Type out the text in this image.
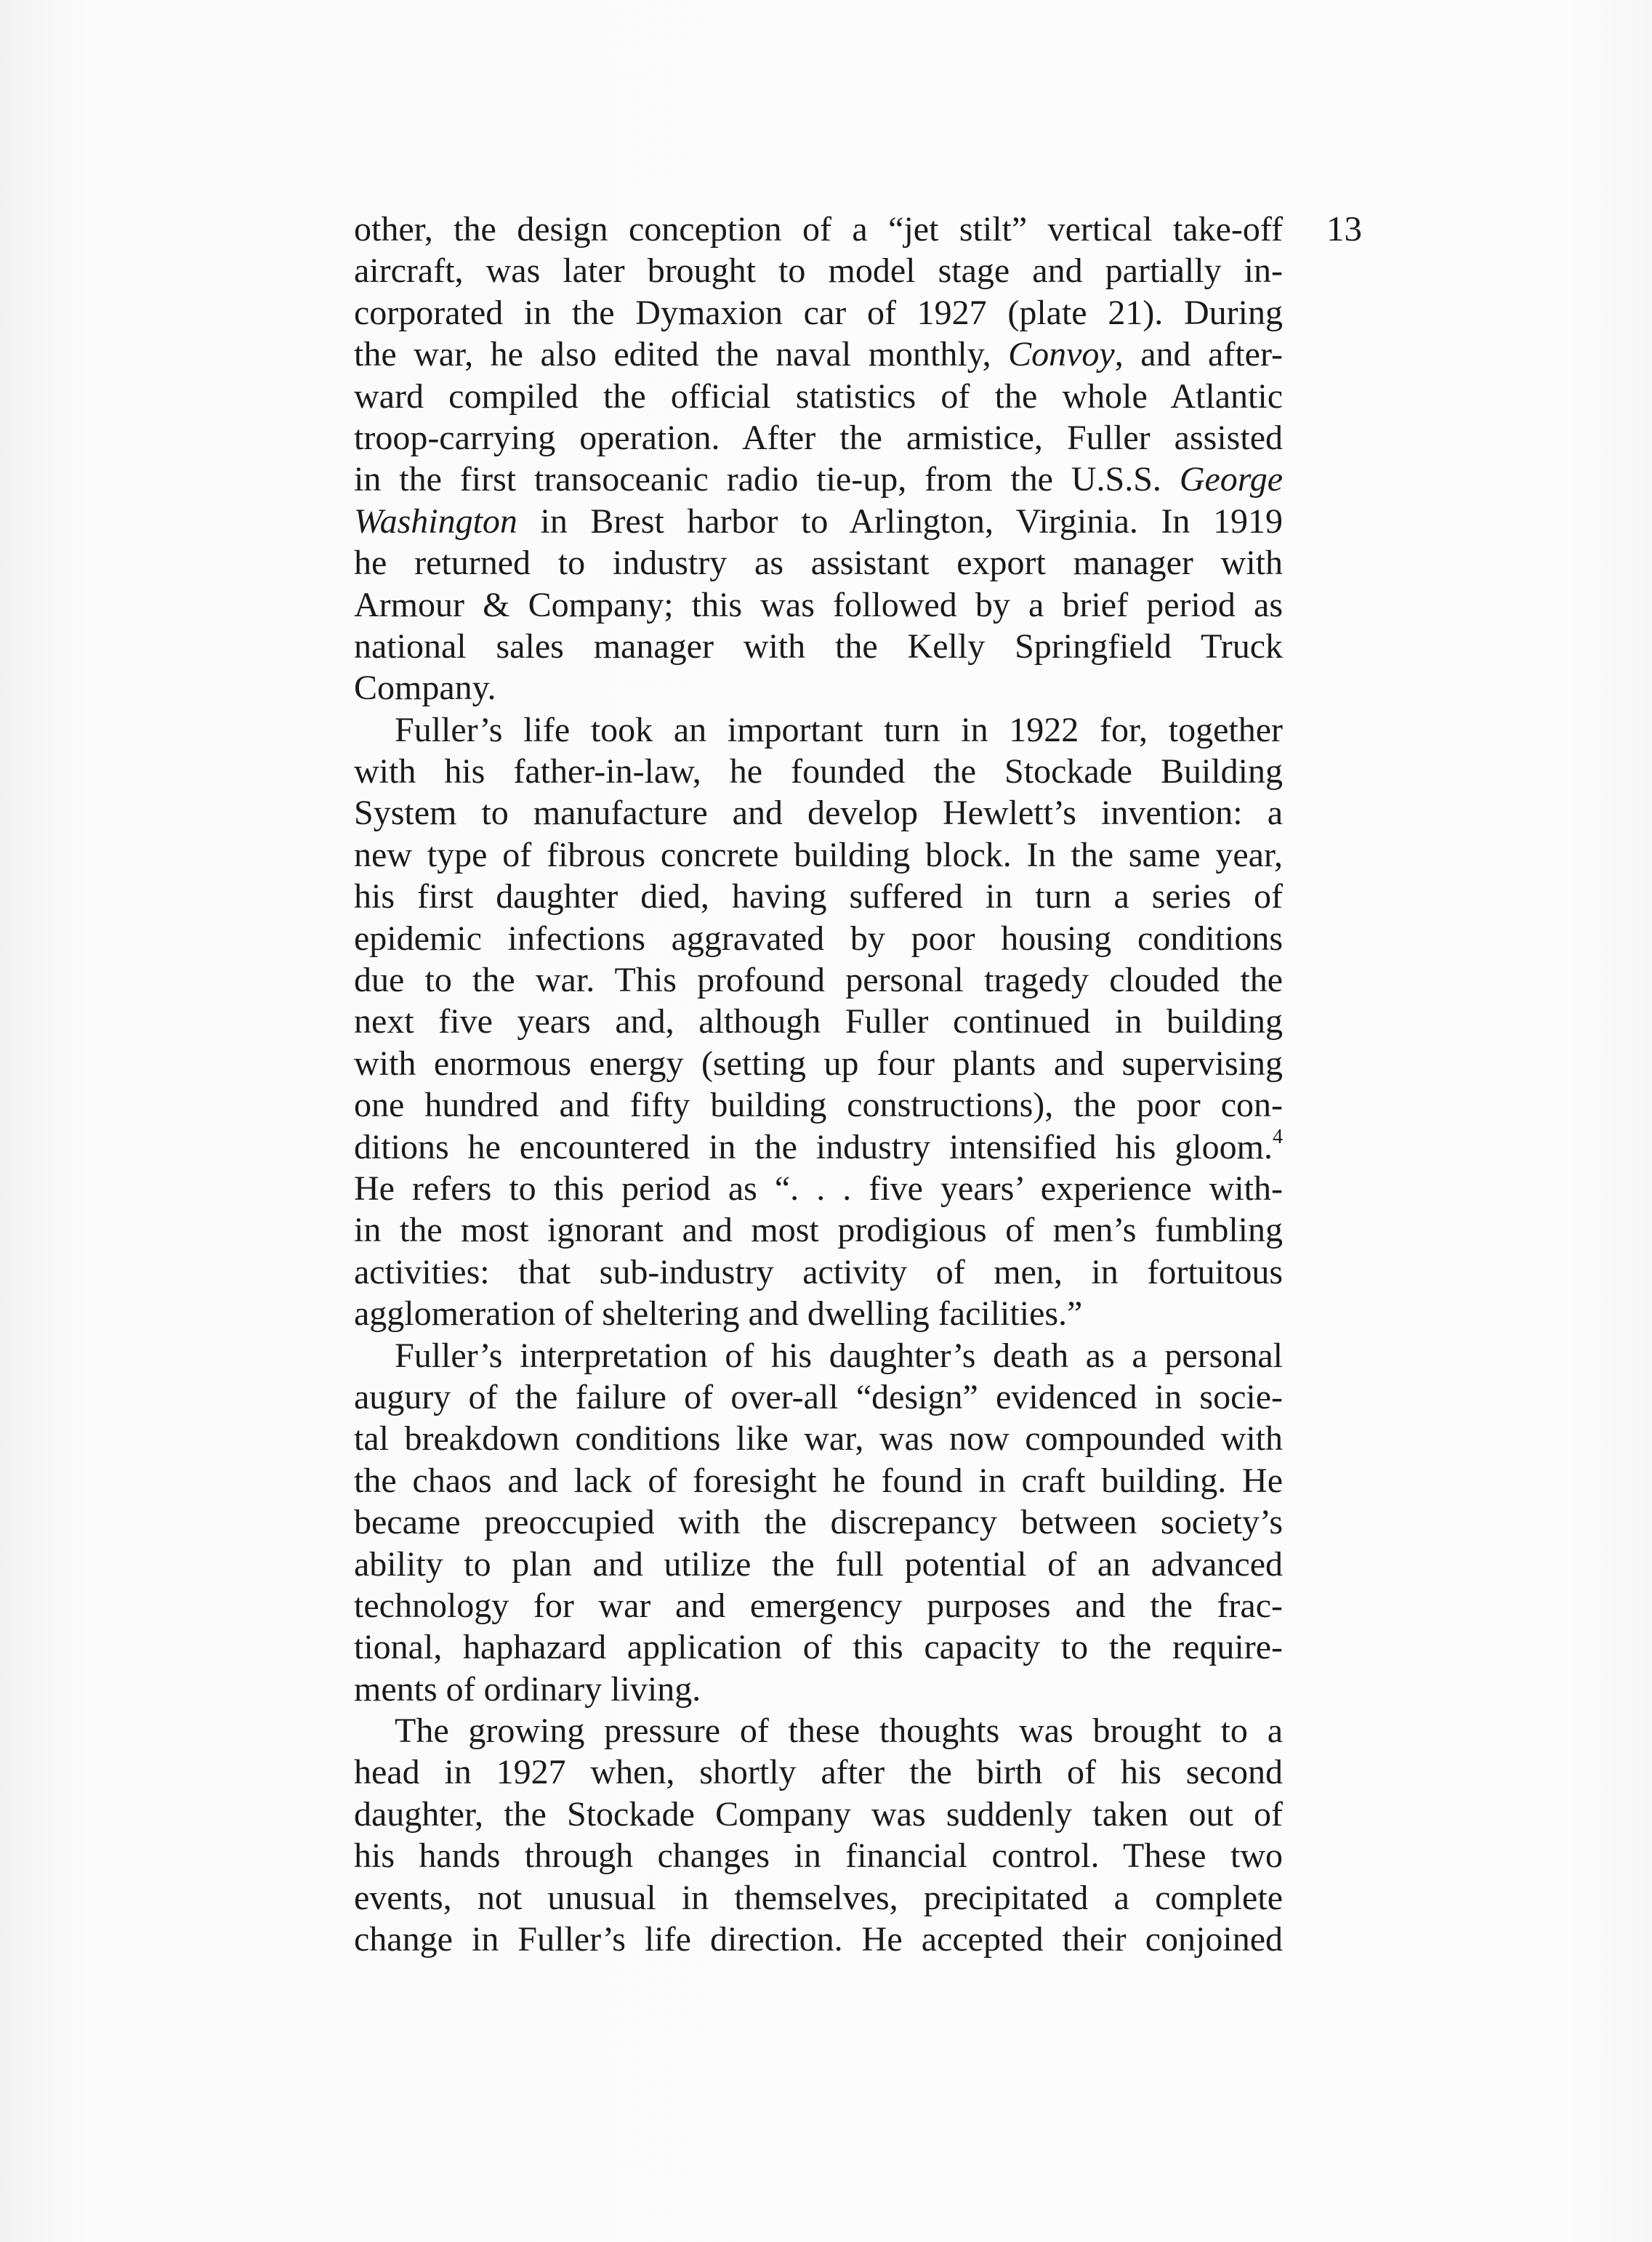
13
other, the design conception of a “jet stilt” vertical take-off
aircraft, was later brought to model stage and partially in-
corporated in the Dymaxion car of 1927 (plate 21). During
the war, he also edited the naval monthly, Convoy, and after-
ward compiled the official statistics of the whole Atlantic
troop-carrying operation. After the armistice, Fuller assisted
in the first transoceanic radio tie-up, from the U.S.S. George
Washington in Brest harbor to Arlington, Virginia. In 1919
he returned to industry as assistant export manager with
Armour & Company; this was followed by a brief period as
national sales manager with the Kelly Springfield Truck
Company.
Fuller’s life took an important turn in 1922 for, together
with his father-in-law, he founded the Stockade Building
System to manufacture and develop Hewlett’s invention: a
new type of fibrous concrete building block. In the same year,
his first daughter died, having suffered in turn a series of
epidemic infections aggravated by poor housing conditions
due to the war. This profound personal tragedy clouded the
next five years and, although Fuller continued in building
with enormous energy (setting up four plants and supervising
one hundred and fifty building constructions), the poor con-
ditions he encountered in the industry intensified his gloom.$^4$
He refers to this period as “. . . five years’ experience with-
in the most ignorant and most prodigious of men’s fumbling
activities: that sub-industry activity of men, in fortuitous
agglomeration of sheltering and dwelling facilities.”
Fuller’s interpretation of his daughter’s death as a personal
augury of the failure of over-all “design” evidenced in socie-
tal breakdown conditions like war, was now compounded with
the chaos and lack of foresight he found in craft building. He
became preoccupied with the discrepancy between society’s
ability to plan and utilize the full potential of an advanced
technology for war and emergency purposes and the frac-
tional, haphazard application of this capacity to the require-
ments of ordinary living.
The growing pressure of these thoughts was brought to a
head in 1927 when, shortly after the birth of his second
daughter, the Stockade Company was suddenly taken out of
his hands through changes in financial control. These two
events, not unusual in themselves, precipitated a complete
change in Fuller’s life direction. He accepted their conjoined
